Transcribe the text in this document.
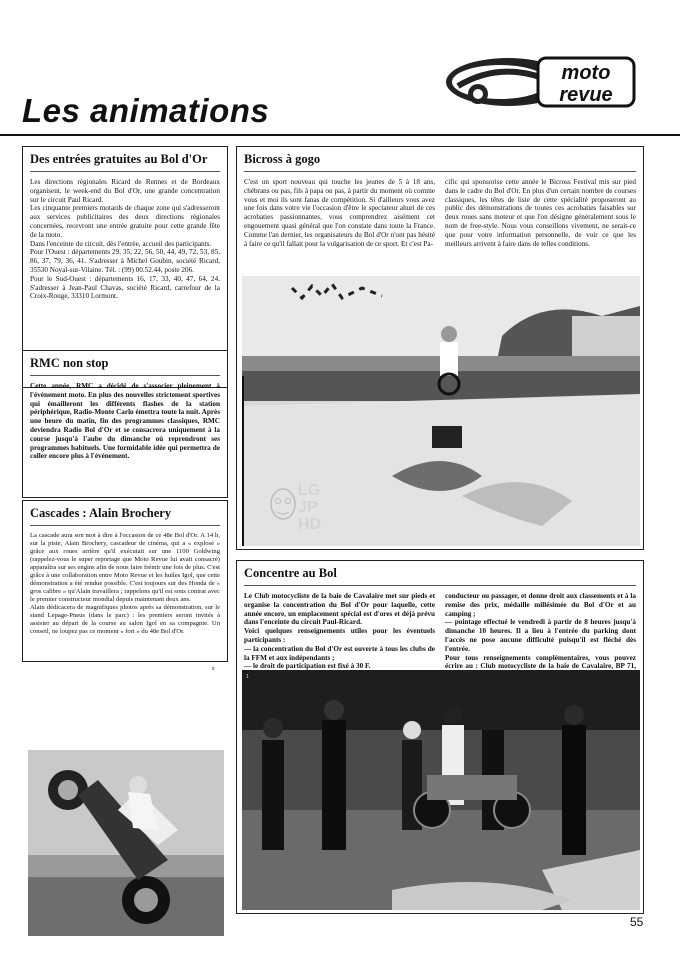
moto
revue
Les animations
Des entrées gratuites au Bol d'Or

Les directions régionales Ricard de Rennes et de Bordeaux organisent, le week-end du Bol d'Or, une grande concentration sur le circuit Paul Ricard.
Les cinquante premiers motards de chaque zone qui s'adresseront aux services publicitaires des deux directions régionales concernées, recevront une entrée gratuite pour cette grande fête de la moto.
Dans l'enceinte du circuit, dès l'entrée, accueil des participants.
Pour l'Ouest : départements 29, 35, 22, 56, 50, 44, 49, 72, 53, 85, 86, 37, 79, 36, 41. S'adresser à Michel Goubin, société Ricard, 35530 Noyal-sur-Vilaine. Tél. : (99) 00.52.44, poste 206.
Pour le Sud-Ouest : départements 16, 17, 33, 40, 47, 64, 24. S'adresser à Jean-Paul Chavas, société Ricard, carrefour de la Croix-Rouge, 33310 Lormont.

RMC non stop

Cette année, RMC a décidé de s'associer pleinement à l'événement moto. En plus des nouvelles strictement sportives qui émailleront les différents flashes de la station périphérique, Radio-Monte Carlo émettra toute la nuit. Après une heure du matin, fin des programmes classiques, RMC deviendra Radio Bol d'Or et se consacrera uniquement à la course jusqu'à l'aube du dimanche où reprendront ses programmes habituels. Une formidable idée qui permettra de coller encore plus à l'événement.

Cascades : Alain Brochery

La cascade aura son mot à dire à l'occasion de ce 48e Bol d'Or. A 14 h, sur la piste, Alain Brochery, cascadeur de cinéma, qui a « explosé » grâce aux roues arrière qu'il exécutait sur une 1100 Goldwing (rappelez-vous le super reportage que Moto Revue lui avait consacré) apparaîtra sur ses engins afin de nous faire frémir une fois de plus. C'est grâce à une collaboration entre Moto Revue et les huiles Igol, que cette démonstration a été rendue possible. C'est toujours sur des Honda de « gros calibre » qu'Alain travaillera ; rappelons qu'il est sous contrat avec le premier constructeur mondial depuis maintenant deux ans.
Alain dédicacera de magnifiques photos après sa démonstration, sur le stand Lepage-Pneus (dans le parc) : les premiers seront invités à assister au départ de la course au salon Igol en sa compagnie. Un conseil, ne loupez pas ce moment « fort » du 48e Bol d'Or.

s
Bicross à gogo

C'est un sport nouveau qui touche les jeunes de 5 à 18 ans, chébrans ou pas, fils à papa ou pas, à partir du moment où comme vous et moi ils sont fanas de compétition. Si d'ailleurs vous avez une fois dans votre vie l'occasion d'être le spectateur ahuri de ces acrobaties passionnantes, vous comprendrez aisément cet engouement quasi général que l'on constate dans toute la France. Comme l'an dernier, les organisateurs du Bol d'Or n'ont pas hésité à faire ce qu'il fallait pour la vulgarisation de ce sport. Et c'est Pa-

cific qui sponsorise cette année le Bicross Festival mis sur pied dans le cadre du Bol d'Or. En plus d'un certain nombre de courses classiques, les têtes de liste de cette spécialité proposeront au public des démonstrations de toutes ces acrobaties faisables sur deux roues sans moteur et que l'on désigne généralement sous le nom de free-style. Nous vous conseillons vivement, ne serait-ce que pour votre information personnelle, de voir ce que les meilleurs arrivent à faire dans de telles conditions.

LG
JP
HD
Concentre au Bol

Le Club motocycliste de la baie de Cavalaire met sur pieds et organise la concentration du Bol d'Or pour laquelle, cette année encore, un emplacement spécial est d'ores et déjà prévu dans l'enceinte du circuit Paul-Ricard.
Voici quelques renseignements utiles pour les éventuels participants :
— la concentration du Bol d'Or est ouverte à tous les clubs de la FFM et aux indépendants ;
— le droit de participation est fixé à 30 F.

conducteur ou passager, et donne droit aux classements et à la remise des prix, médaille millésimée du Bol d'Or et au camping ;
— pointage effectué le vendredi à partir de 8 heures jusqu'à dimanche 10 heures. Il a lieu à l'entrée du parking dont l'accès ne pose aucune difficulté puisqu'il est fléché dès l'entrée.
Pour tous renseignements complémentaires, vous pouvez écrire au : Club motocycliste de la baie de Cavalaire, BP 71,

1
55
